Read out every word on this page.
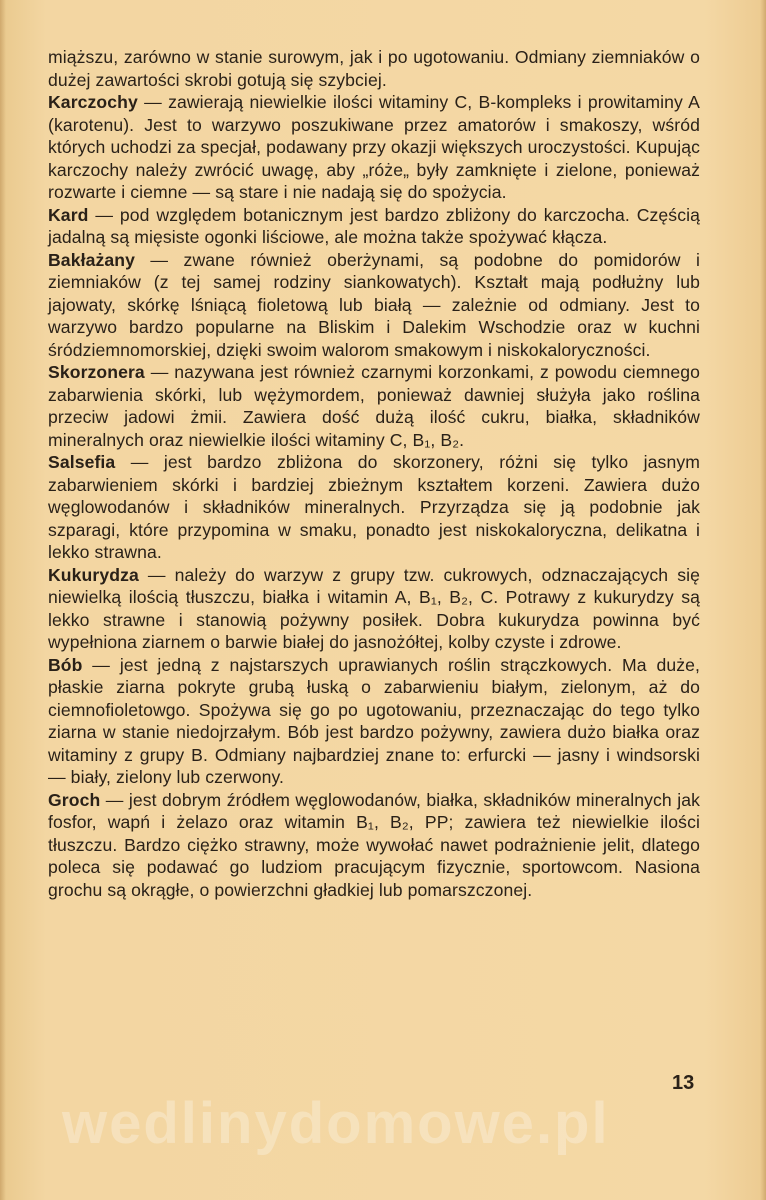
miąższu, zarówno w stanie surowym, jak i po ugotowaniu. Odmiany ziemniaków o dużej zawartości skrobi gotują się szybciej.

Karczochy — zawierają niewielkie ilości witaminy C, B-kompleks i prowitaminy A (karotenu). Jest to warzywo poszukiwane przez amatorów i smakoszy, wśród których uchodzi za specjał, podawany przy okazji większych uroczystości. Kupując karczochy należy zwrócić uwagę, aby „róże„ były zamknięte i zielone, ponieważ rozwarte i ciemne — są stare i nie nadają się do spożycia.

Kard — pod względem botanicznym jest bardzo zbliżony do karczocha. Częścią jadalną są mięsiste ogonki liściowe, ale można także spożywać kłącza.

Bakłażany — zwane również oberżynami, są podobne do pomidorów i ziemniaków (z tej samej rodziny siankowatych). Kształt mają podłużny lub jajowaty, skórkę lśniącą fioletową lub białą — zależnie od odmiany. Jest to warzywo bardzo popularne na Bliskim i Dalekim Wschodzie oraz w kuchni śródziemnomorskiej, dzięki swoim walorom smakowym i niskokaloryczności.

Skorzonera — nazywana jest również czarnymi korzonkami, z powodu ciemnego zabarwienia skórki, lub wężymordem, ponieważ dawniej służyła jako roślina przeciw jadowi żmii. Zawiera dość dużą ilość cukru, białka, składników mineralnych oraz niewielkie ilości witaminy C, B₁, B₂.

Salsefia — jest bardzo zbliżona do skorzonery, różni się tylko jasnym zabarwieniem skórki i bardziej zbieżnym kształtem korzeni. Zawiera dużo węglowodanów i składników mineralnych. Przyrządza się ją podobnie jak szparagi, które przypomina w smaku, ponadto jest niskokaloryczna, delikatna i lekko strawna.

Kukurydza — należy do warzyw z grupy tzw. cukrowych, odznaczających się niewielką ilością tłuszczu, białka i witamin A, B₁, B₂, C. Potrawy z kukurydzy są lekko strawne i stanowią pożywny posiłek. Dobra kukurydza powinna być wypełniona ziarnem o barwie białej do jasnożółtej, kolby czyste i zdrowe.

Bób — jest jedną z najstarszych uprawianych roślin strączkowych. Ma duże, płaskie ziarna pokryte grubą łuską o zabarwieniu białym, zielonym, aż do ciemnofioletowgo. Spożywa się go po ugotowaniu, przeznaczając do tego tylko ziarna w stanie niedojrzałym. Bób jest bardzo pożywny, zawiera dużo białka oraz witaminy z grupy B. Odmiany najbardziej znane to: erfurcki — jasny i windsorski — biały, zielony lub czerwony.

Groch — jest dobrym źródłem węglowodanów, białka, składników mineralnych jak fosfor, wapń i żelazo oraz witamin B₁, B₂, PP; zawiera też niewielkie ilości tłuszczu. Bardzo ciężko strawny, może wywołać nawet podrażnienie jelit, dlatego poleca się podawać go ludziom pracującym fizycznie, sportowcom. Nasiona grochu są okrągłe, o powierzchni gładkiej lub pomarszczonej.

13
wedlinydomowe.pl
